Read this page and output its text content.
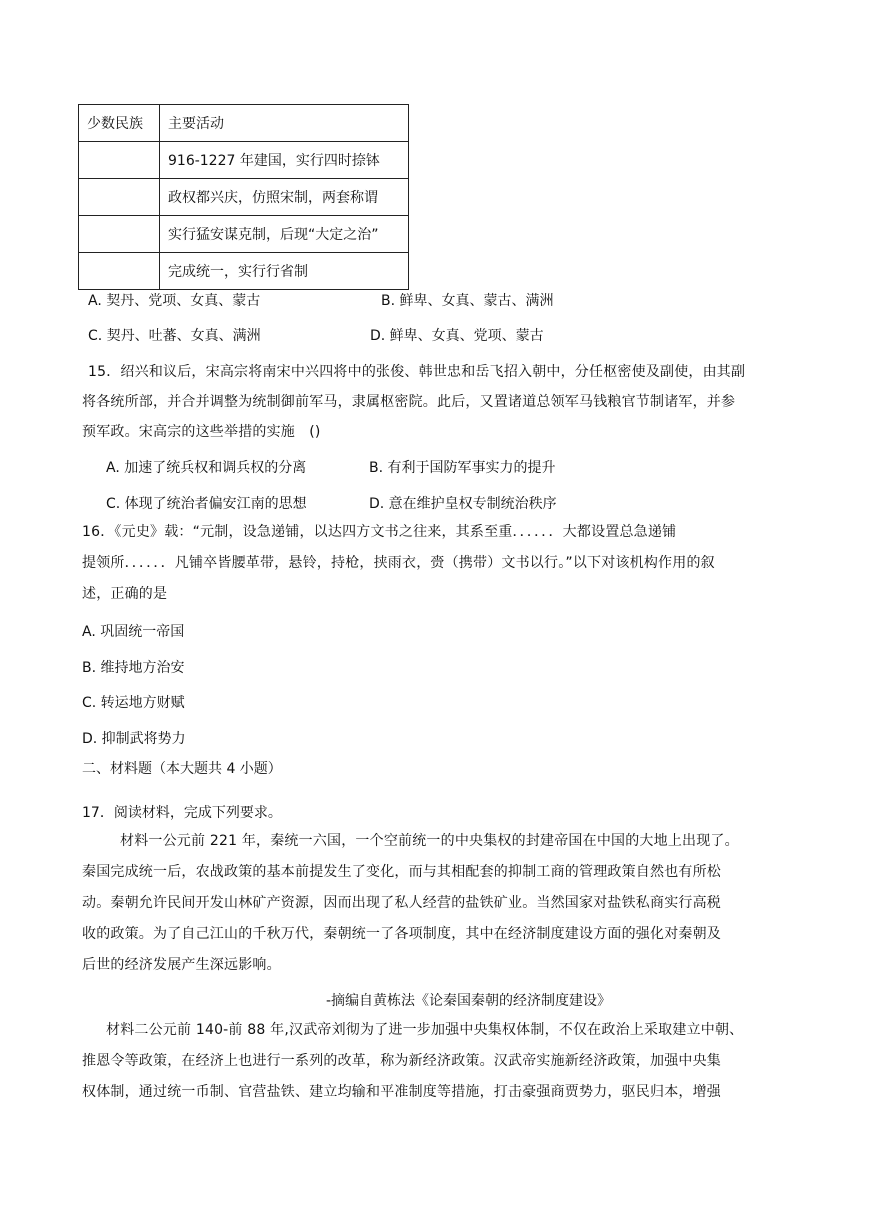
少数民族	主要活动
	916-1227 年建国，实行四时捺钵
	政权都兴庆，仿照宋制，两套称谓
	实行猛安谋克制，后现“大定之治”
	完成统一，实行行省制
A. 契丹、党项、女真、蒙古	B. 鲜卑、女真、蒙古、满洲
C. 契丹、吐蕃、女真、满洲	D. 鲜卑、女真、党项、蒙古
15．绍兴和议后，宋高宗将南宋中兴四将中的张俊、韩世忠和岳飞招入朝中，分任枢密使及副使，由其副
将各统所部，并合并调整为统制御前军马，隶属枢密院。此后，又置诸道总领军马钱粮官节制诸军，并参
预军政。宋高宗的这些举措的实施　()
A. 加速了统兵权和调兵权的分离	B. 有利于国防军事实力的提升
C. 体现了统治者偏安江南的思想	D. 意在维护皇权专制统治秩序
16．《元史》载：“元制，设急递铺，以达四方文书之往来，其系至重．．．．．．大都设置总急递铺
提领所．．．．．．凡铺卒皆腰革带，悬铃，持枪，挟雨衣，赍（携带）文书以行。”以下对该机构作用的叙
述，正确的是
A. 巩固统一帝国
B. 维持地方治安
C. 转运地方财赋
D. 抑制武将势力
二、材料题（本大题共 4 小题）
17．阅读材料，完成下列要求。
材料一公元前 221 年，秦统一六国，一个空前统一的中央集权的封建帝国在中国的大地上出现了。
秦国完成统一后，农战政策的基本前提发生了变化，而与其相配套的抑制工商的管理政策自然也有所松
动。秦朝允许民间开发山林矿产资源，因而出现了私人经营的盐铁矿业。当然国家对盐铁私商实行高税
收的政策。为了自己江山的千秋万代，秦朝统一了各项制度，其中在经济制度建设方面的强化对秦朝及
后世的经济发展产生深远影响。
-摘编自黄栋法《论秦国秦朝的经济制度建设》
材料二公元前 140-前 88 年,汉武帝刘彻为了进一步加强中央集权体制，不仅在政治上采取建立中朝、
推恩令等政策，在经济上也进行一系列的改革，称为新经济政策。汉武帝实施新经济政策，加强中央集
权体制，通过统一币制、官营盐铁、建立均输和平准制度等措施，打击豪强商贾势力，驱民归本，增强
